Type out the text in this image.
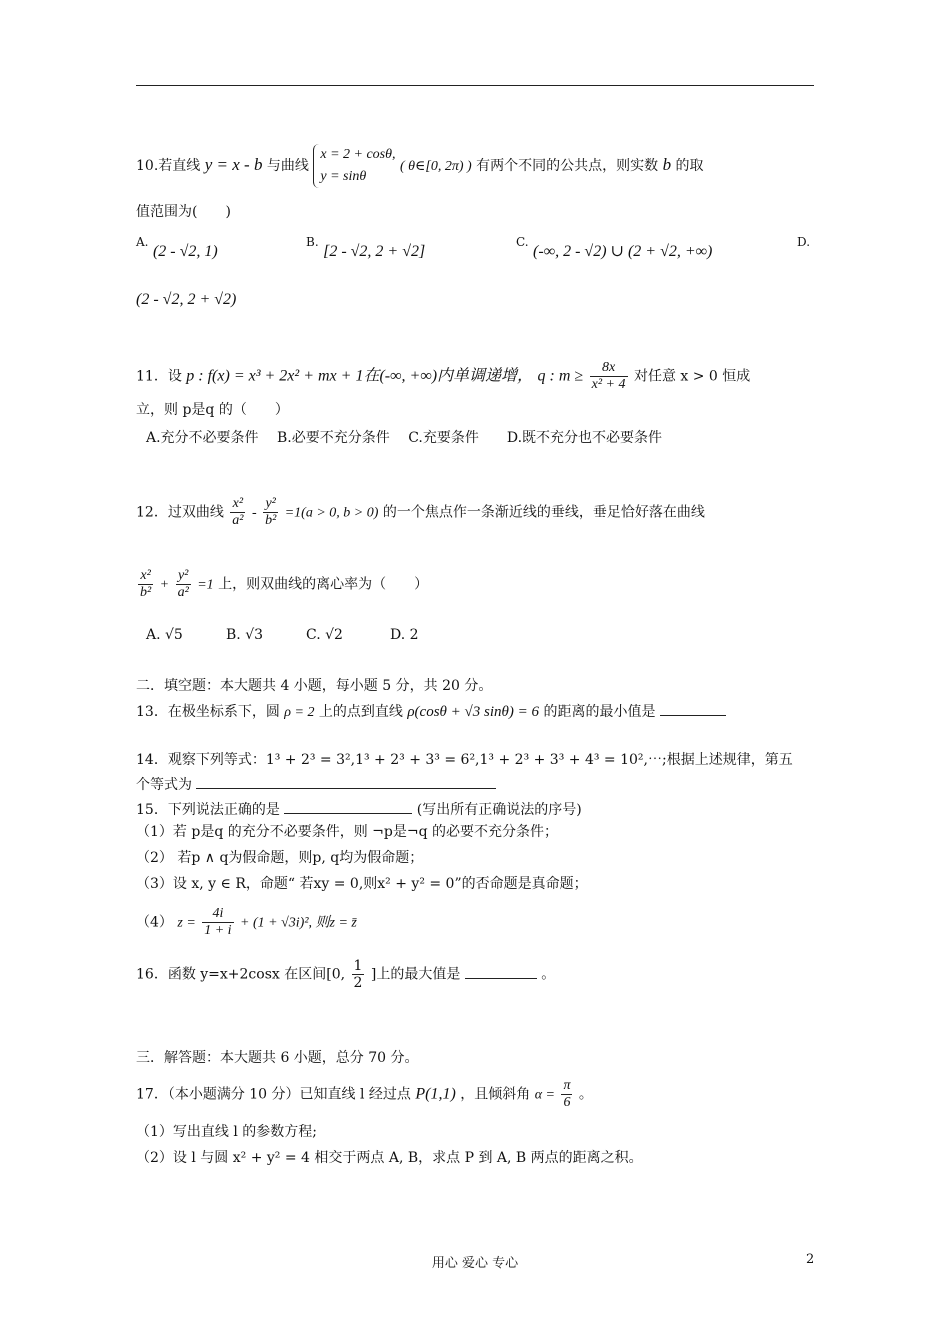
10.若直线 y = x - b 与曲线
x = 2 + cosθ,
y = sinθ
( θ∈[0, 2π) ) 有两个不同的公共点，则实数 b 的取
值范围为(　　)
A. (2 - √2, 1)
B. [2 - √2, 2 + √2]
C. (-∞, 2 - √2) ∪ (2 + √2, +∞)
D.
(2 - √2, 2 + √2)
11．设 p : f(x) = x³ + 2x² + mx + 1在(-∞, +∞)内单调递增， q : $m \ge \frac{8x}{\text{x² + 4}}$ 对任意 x > 0 恒成
立，则 p是q 的（　　）
A.充分不必要条件　 B.必要不充分条件　 C.充要条件　　D.既不充分也不必要条件
12．过双曲线 $\frac{\text{x²}}{\text{a²}} - \frac{\text{y²}}{\text{b²}} =1(a > 0$, b > 0) 的一个焦点作一条渐近线的垂线，垂足恰好落在曲线
$\frac{\text{x²}}{\text{b²}} + \frac{\text{y²}}{\text{a²}} =1$ 上，则双曲线的离心率为（　　）
A. √5	B. √3	C. √2	D. 2
二．填空题：本大题共 4 小题，每小题 5 分，共 20 分。
13．在极坐标系下，圆 ρ = 2 上的点到直线 ρ(cosθ + √3 sinθ) = 6 的距离的最小值是
14．观察下列等式：1³ + 2³ = 3²,1³ + 2³ + 3³ = 6²,1³ + 2³ + 3³ + 4³ = 10²,⋯;根据上述规律，第五
个等式为
15．下列说法正确的是	(写出所有正确说法的序号)
（1）若 p是q 的充分不必要条件，则 ¬p是¬q 的必要不充分条件；
（2） 若p ∧ q为假命题，则p, q均为假命题；
（3）设 x, y ∈ R，命题“ 若xy = 0,则x² + y² = 0”的否命题是真命题；
（4） $z = \frac{4i}{1 + i} + (1 + √3i)^2$, 则z = z̄
16．函数 y=x+2cosx 在区间[0, $\frac{1}{2}$ ]上的最大值是	。
三．解答题：本大题共 6 小题，总分 70 分。
17．（本小题满分 10 分）已知直线 l 经过点 P(1,1) ，且倾斜角 $\alpha = \frac{\pi}{6}$ 。
（1）写出直线 l 的参数方程;
（2）设 l 与圆 x² + y² = 4 相交于两点 A, B，求点 P 到 A, B 两点的距离之积。
用心 爱心 专心	2
